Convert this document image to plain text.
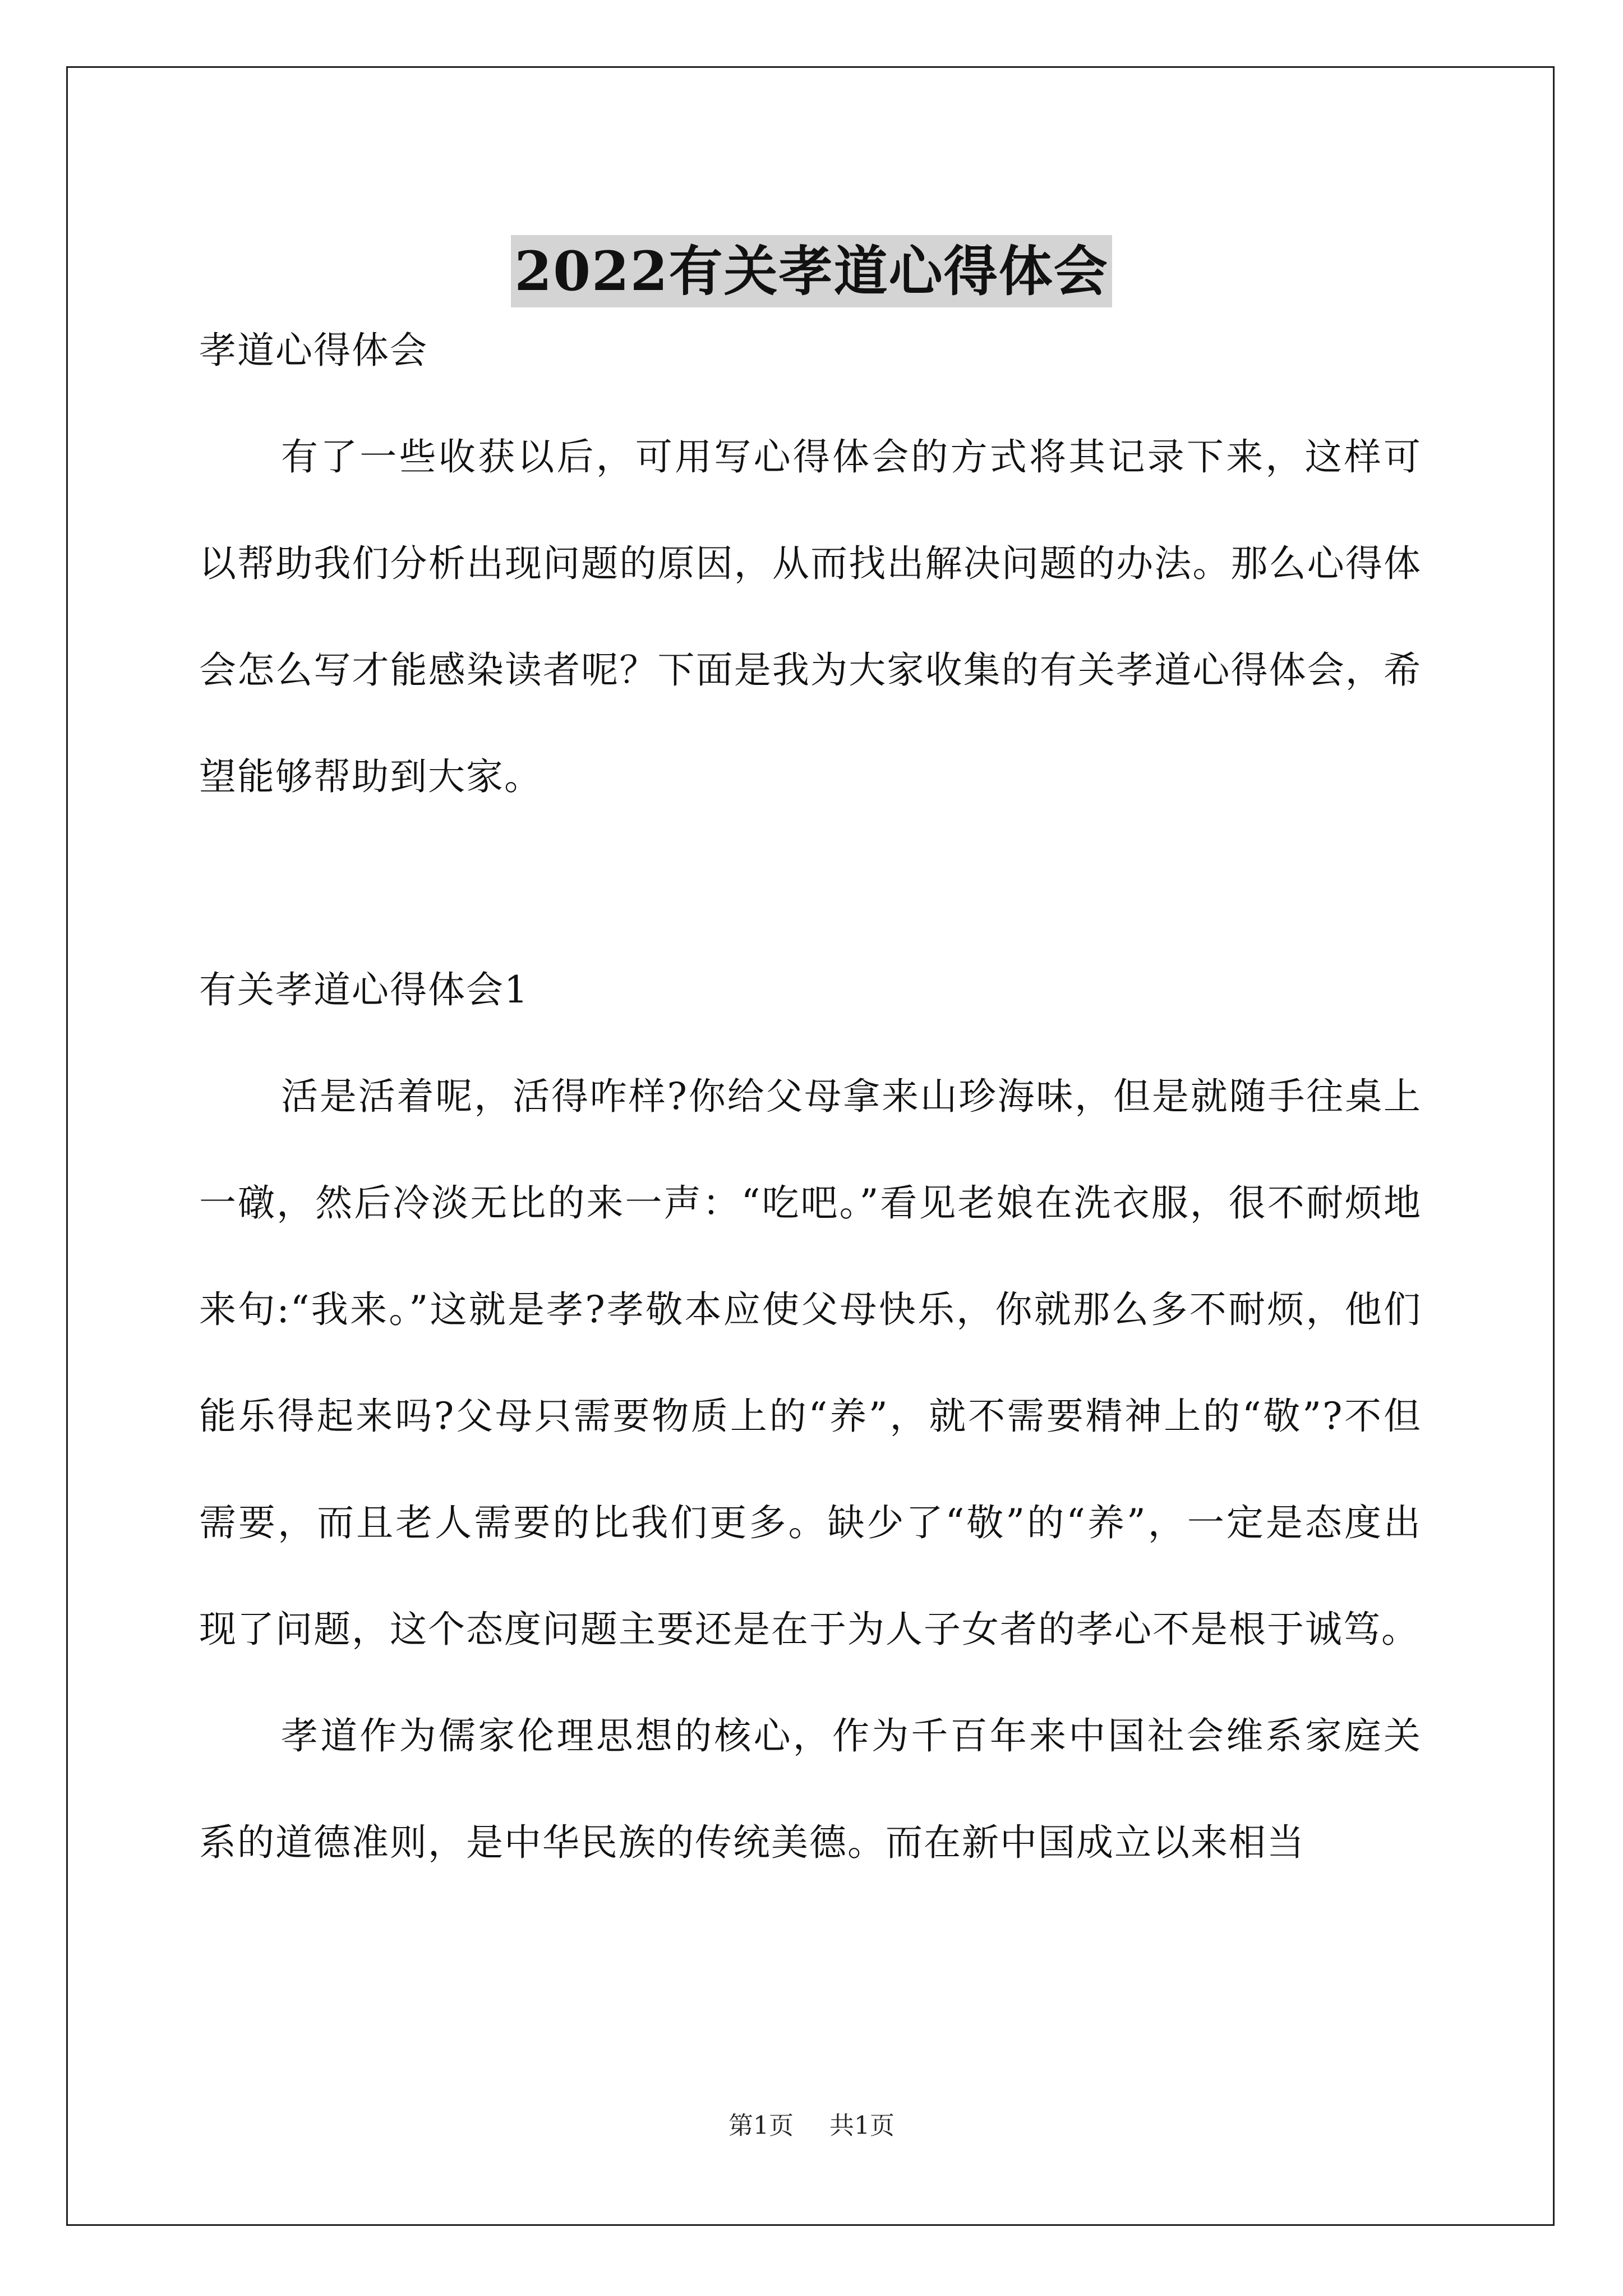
2022有关孝道心得体会

孝道心得体会

有了一些收获以后，可用写心得体会的方式将其记录下来，这样可以帮助我们分析出现问题的原因，从而找出解决问题的办法。那么心得体会怎么写才能感染读者呢？下面是我为大家收集的有关孝道心得体会，希望能够帮助到大家。

有关孝道心得体会1

活是活着呢，活得咋样?你给父母拿来山珍海味，但是就随手往桌上一礅，然后冷淡无比的来一声：“吃吧。”看见老娘在洗衣服，很不耐烦地来句:“我来。”这就是孝?孝敬本应使父母快乐，你就那么多不耐烦，他们能乐得起来吗?父母只需要物质上的“养”，就不需要精神上的“敬”?不但需要，而且老人需要的比我们更多。缺少了“敬”的“养”，一定是态度出现了问题，这个态度问题主要还是在于为人子女者的孝心不是根于诚笃。

孝道作为儒家伦理思想的核心，作为千百年来中国社会维系家庭关系的道德准则，是中华民族的传统美德。而在新中国成立以来相当

第1页 共1页
